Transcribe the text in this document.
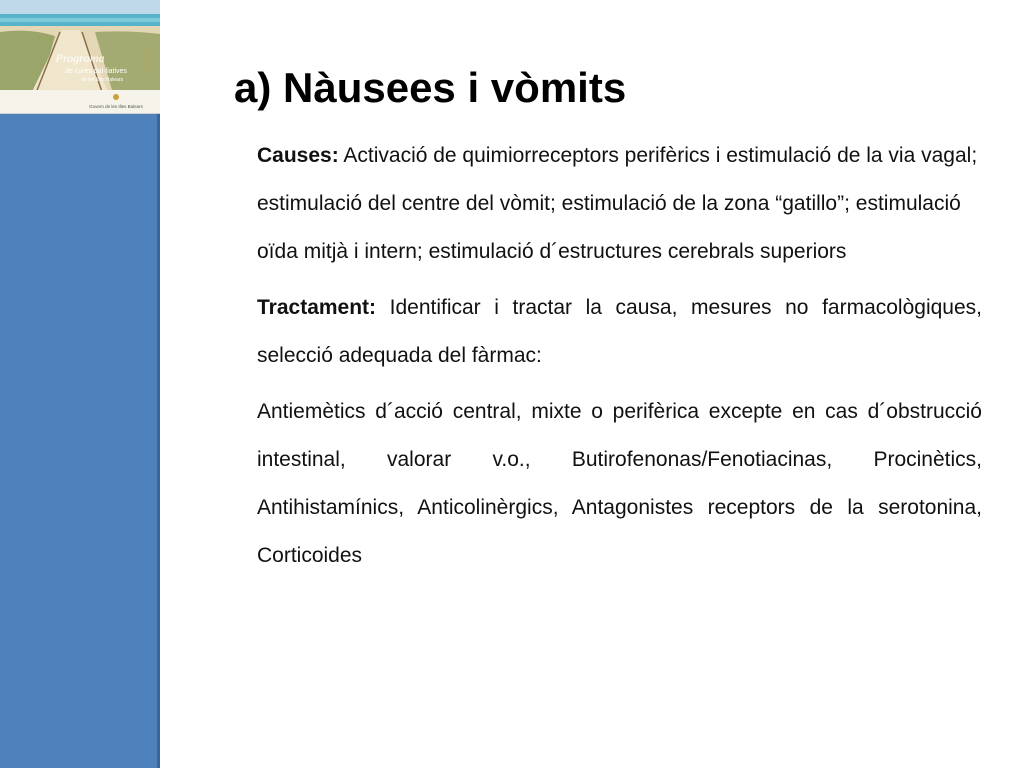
Programa
de cures pal·liatives
de les Illes Balears
2011/2016
Govern de les Illes Balears a) Nàusees i vòmits

Causes: Activació de quimiorreceptors perifèrics i estimulació de la via vagal; estimulació del centre del vòmit; estimulació de la zona “gatillo”; estimulació oïda mitjà i intern; estimulació d´estructures cerebrals superiors

Tractament: Identificar i tractar la causa, mesures no farmacològiques, selecció adequada del fàrmac:

Antiemètics d´acció central, mixte o perifèrica excepte en cas d´obstrucció intestinal, valorar v.o., Butirofenonas/Fenotiacinas, Procinètics, Antihistamínics, Anticolinèrgics, Antagonistes receptors de la serotonina, Corticoides
